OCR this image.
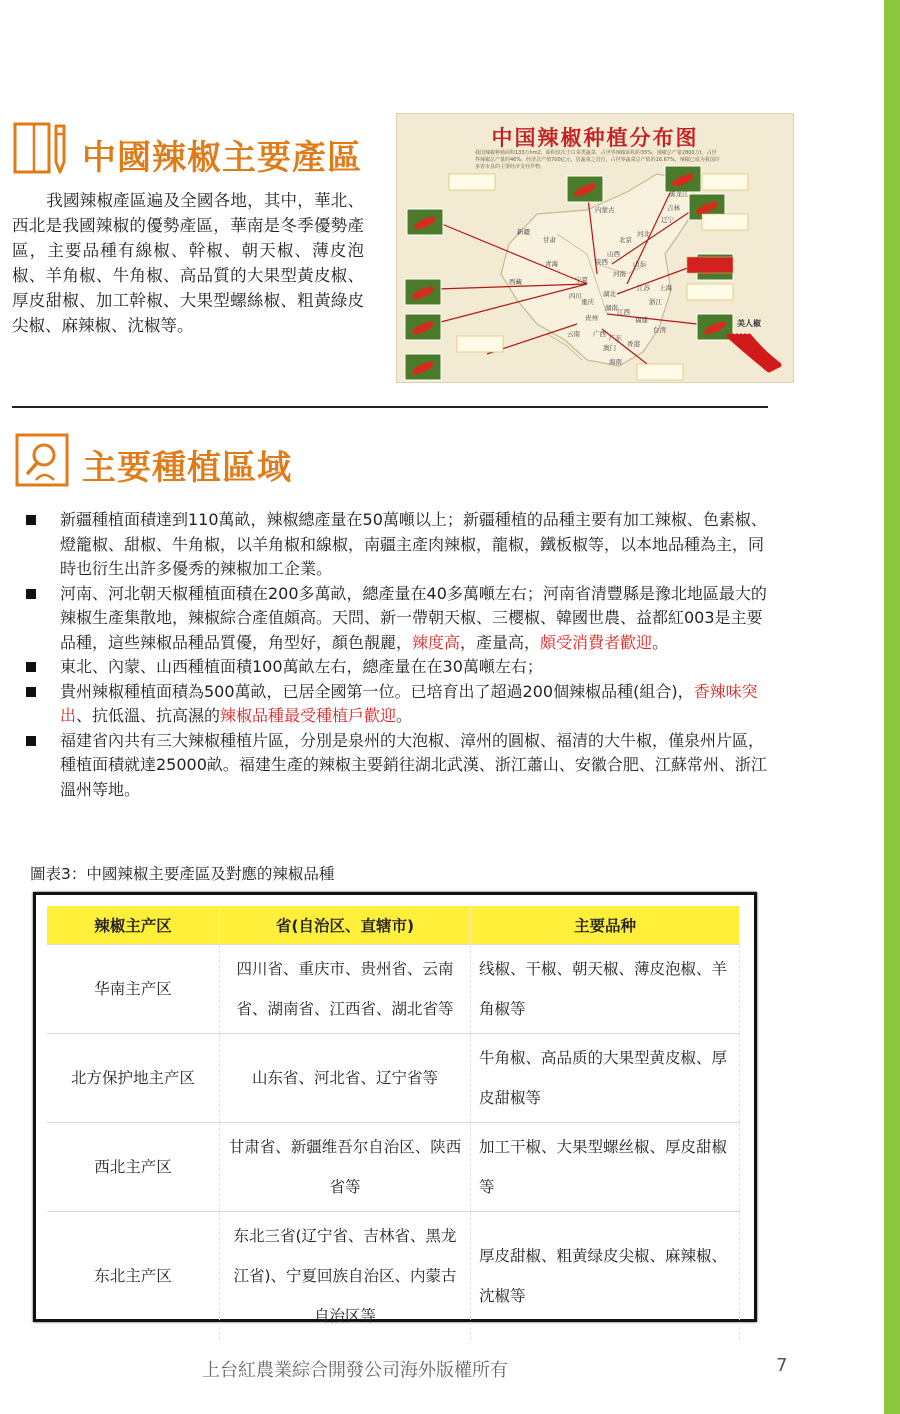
中國辣椒主要產區
我國辣椒產區遍及全國各地，其中，華北、西北是我國辣椒的優勢產區，華南是冬季優勢產區，主要品種有線椒、幹椒、朝天椒、薄皮泡椒、羊角椒、牛角椒、高品質的大果型黃皮椒、厚皮甜椒、加工幹椒、大果型螺絲椒、粗黃綠皮尖椒、麻辣椒、沈椒等。
中国辣椒种植分布图
我国辣椒种植面积133万hm2，面积仅次于白菜类蔬菜，占世界辣椒面积的35%，辣椒总产量2800万t，占世界辣椒总产量的46%，经济总产值700亿元，居蔬菜之首位，占世界蔬菜总产值的16.67%，辣椒已成为我国许多省市县的主要经济支柱作物。
新疆
甘肃
青海
西藏
内蒙古
宁夏
陕西
山西
北京
河北
辽宁
吉林
黑龙江
山东
河南
四川
重庆
湖北
江苏 上海
浙江
贵州
湖南 江西
福建
云南 广西 广东
台湾
澳门 香港
海南
美人椒
主要種植區域
新疆種植面積達到110萬畝，辣椒總產量在50萬噸以上；新疆種植的品種主要有加工辣椒、色素椒、燈籠椒、甜椒、牛角椒，以羊角椒和線椒，南疆主產肉辣椒，龍椒，鐵板椒等，以本地品種為主，同時也衍生出許多優秀的辣椒加工企業。
河南、河北朝天椒種植面積在200多萬畝，總產量在40多萬噸左右；河南省清豐縣是豫北地區最大的辣椒生產集散地，辣椒綜合產值頗高。天問、新一帶朝天椒、三櫻椒、韓國世農、益都紅003是主要品種，這些辣椒品種品質優，角型好，顏色靚麗，辣度高，產量高，頗受消費者歡迎。
東北、內蒙、山西種植面積100萬畝左右，總產量在在30萬噸左右；
貴州辣椒種植面積為500萬畝，已居全國第一位。已培育出了超過200個辣椒品種(組合)，香辣味突出、抗低溫、抗高濕的辣椒品種最受種植戶歡迎。
福建省內共有三大辣椒種植片區，分別是泉州的大泡椒、漳州的圓椒、福清的大牛椒，僅泉州片區，種植面積就達25000畝。福建生產的辣椒主要銷往湖北武漢、浙江蕭山、安徽合肥、江蘇常州、浙江溫州等地。
圖表3：中國辣椒主要產區及對應的辣椒品種
辣椒主产区	省(自治区、直辖市)	主要品种
华南主产区	四川省、重庆市、贵州省、云南省、湖南省、江西省、湖北省等	线椒、干椒、朝天椒、薄皮泡椒、羊角椒等
北方保护地主产区	山东省、河北省、辽宁省等	牛角椒、高品质的大果型黄皮椒、厚皮甜椒等
西北主产区	甘肃省、新疆维吾尔自治区、陕西省等	加工干椒、大果型螺丝椒、厚皮甜椒等
东北主产区	东北三省(辽宁省、吉林省、黑龙江省)、宁夏回族自治区、内蒙古自治区等	厚皮甜椒、粗黄绿皮尖椒、麻辣椒、沈椒等
上台紅農業綜合開發公司海外版權所有	7
